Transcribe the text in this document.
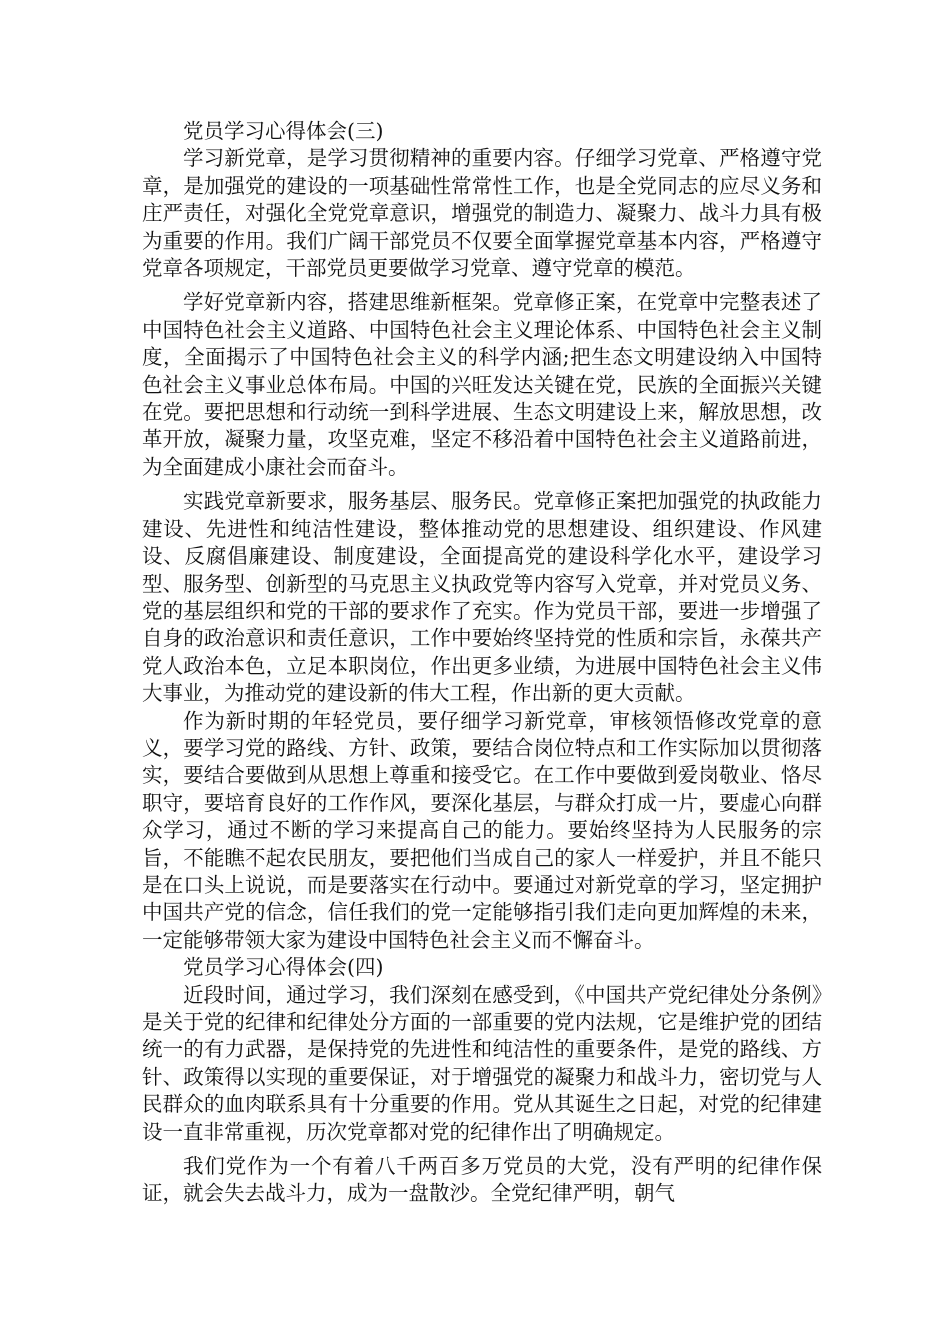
党员学习心得体会(三)

学习新党章，是学习贯彻精神的重要内容。仔细学习党章、严格遵守党章，是加强党的建设的一项基础性常常性工作，也是全党同志的应尽义务和庄严责任，对强化全党党章意识，增强党的制造力、凝聚力、战斗力具有极为重要的作用。我们广阔干部党员不仅要全面掌握党章基本内容，严格遵守党章各项规定，干部党员更要做学习党章、遵守党章的模范。

学好党章新内容，搭建思维新框架。党章修正案，在党章中完整表述了中国特色社会主义道路、中国特色社会主义理论体系、中国特色社会主义制度，全面揭示了中国特色社会主义的科学内涵;把生态文明建设纳入中国特色社会主义事业总体布局。中国的兴旺发达关键在党，民族的全面振兴关键在党。要把思想和行动统一到科学进展、生态文明建设上来，解放思想，改革开放，凝聚力量，攻坚克难，坚定不移沿着中国特色社会主义道路前进，为全面建成小康社会而奋斗。

实践党章新要求，服务基层、服务民。党章修正案把加强党的执政能力建设、先进性和纯洁性建设，整体推动党的思想建设、组织建设、作风建设、反腐倡廉建设、制度建设，全面提高党的建设科学化水平，建设学习型、服务型、创新型的马克思主义执政党等内容写入党章，并对党员义务、党的基层组织和党的干部的要求作了充实。作为党员干部，要进一步增强了自身的政治意识和责任意识，工作中要始终坚持党的性质和宗旨，永葆共产党人政治本色，立足本职岗位，作出更多业绩，为进展中国特色社会主义伟大事业，为推动党的建设新的伟大工程，作出新的更大贡献。

作为新时期的年轻党员，要仔细学习新党章，审核领悟修改党章的意义，要学习党的路线、方针、政策，要结合岗位特点和工作实际加以贯彻落实，要结合要做到从思想上尊重和接受它。在工作中要做到爱岗敬业、恪尽职守，要培育良好的工作作风，要深化基层，与群众打成一片，要虚心向群众学习，通过不断的学习来提高自己的能力。要始终坚持为人民服务的宗旨，不能瞧不起农民朋友，要把他们当成自己的家人一样爱护，并且不能只是在口头上说说，而是要落实在行动中。要通过对新党章的学习，坚定拥护中国共产党的信念，信任我们的党一定能够指引我们走向更加辉煌的未来，一定能够带领大家为建设中国特色社会主义而不懈奋斗。

党员学习心得体会(四)

近段时间，通过学习，我们深刻在感受到，《中国共产党纪律处分条例》是关于党的纪律和纪律处分方面的一部重要的党内法规，它是维护党的团结统一的有力武器，是保持党的先进性和纯洁性的重要条件，是党的路线、方针、政策得以实现的重要保证，对于增强党的凝聚力和战斗力，密切党与人民群众的血肉联系具有十分重要的作用。党从其诞生之日起，对党的纪律建设一直非常重视，历次党章都对党的纪律作出了明确规定。

我们党作为一个有着八千两百多万党员的大党，没有严明的纪律作保证，就会失去战斗力，成为一盘散沙。全党纪律严明，朝气
